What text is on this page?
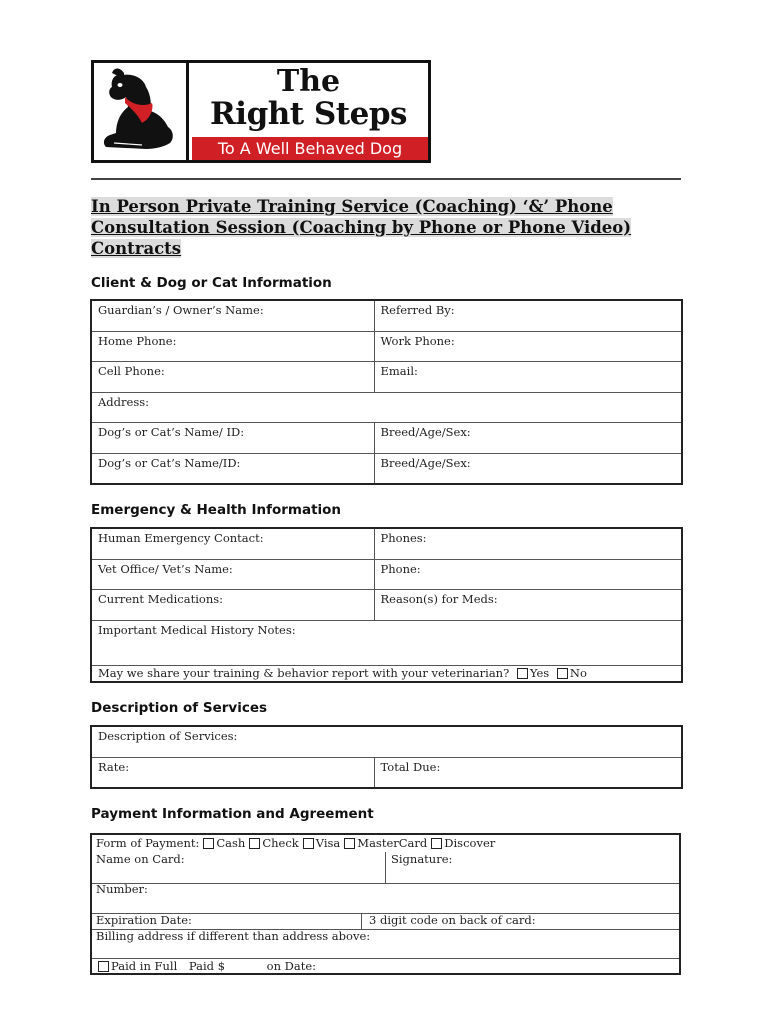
The
Right Steps
To A Well Behaved Dog
In Person Private Training Service (Coaching) ‘&’ Phone
Consultation Session (Coaching by Phone or Phone Video)
Contracts
Client & Dog or Cat Information
Guardian’s / Owner’s Name:	Referred By:
Home Phone:	Work Phone:
Cell Phone:	Email:
Address:	
Dog’s or Cat’s Name/ ID:	Breed/Age/Sex:
Dog’s or Cat’s Name/ID:	Breed/Age/Sex:
Emergency & Health Information
Human Emergency Contact:	Phones:
Vet Office/ Vet’s Name:	Phone:
Current Medications:	Reason(s) for Meds:
Important Medical History Notes:	
May we share your training & behavior report with your veterinarian? Yes No	
Description of Services
Description of Services:
Rate:	Total Due:
Payment Information and Agreement
Form of Payment: Cash Check Visa MasterCard Discover
Name on Card:	Signature:
Number:
Expiration Date:	3 digit code on back of card:
Billing address if different than address above:
Paid in Full Paid $	on Date:
